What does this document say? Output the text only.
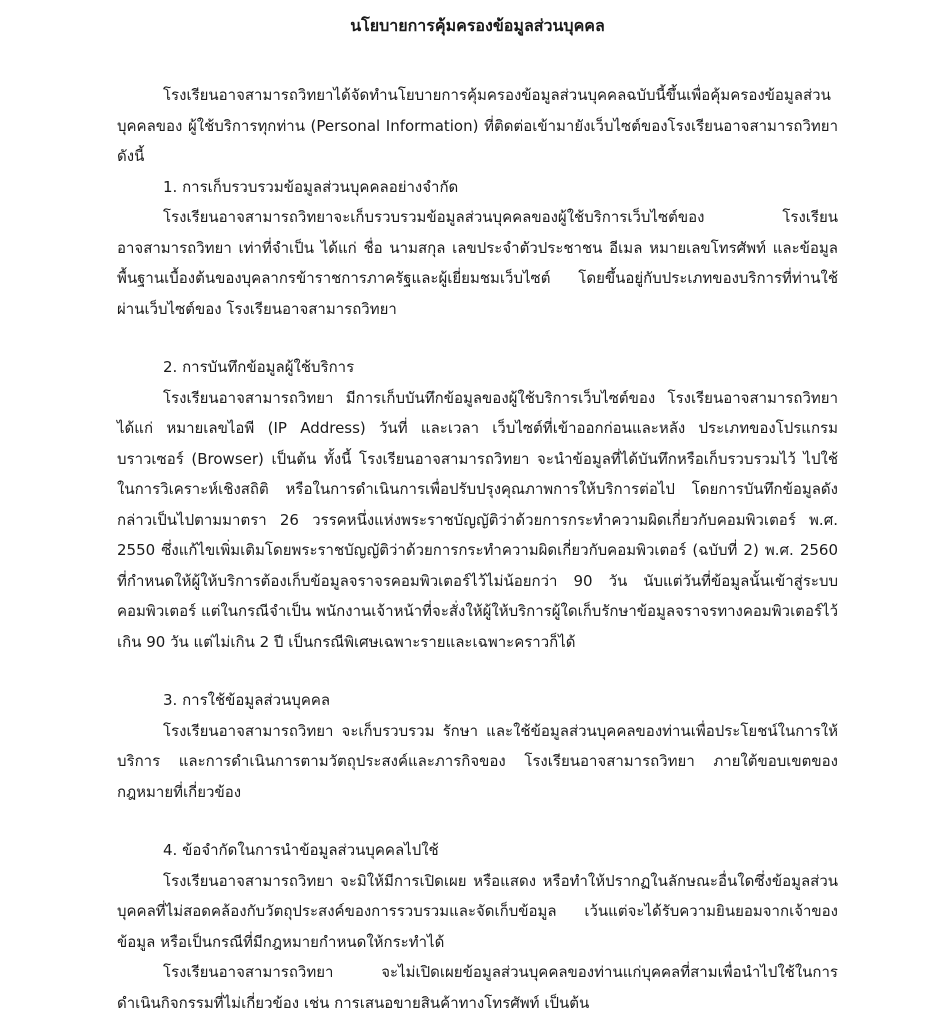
นโยบายการคุ้มครองข้อมูลส่วนบุคคล

โรงเรียนอาจสามารถวิทยาได้จัดทำนโยบายการคุ้มครองข้อมูลส่วนบุคคลฉบับนี้ขึ้นเพื่อคุ้มครองข้อมูลส่วนบุคคลของ ผู้ใช้บริการทุกท่าน (Personal Information) ที่ติดต่อเข้ามายังเว็บไซต์ของโรงเรียนอาจสามารถวิทยา ดังนี้

1. การเก็บรวบรวมข้อมูลส่วนบุคคลอย่างจำกัด

โรงเรียนอาจสามารถวิทยาจะเก็บรวบรวมข้อมูลส่วนบุคคลของผู้ใช้บริการเว็บไซต์ของ โรงเรียนอาจสามารถวิทยา เท่าที่จำเป็น ได้แก่ ชื่อ นามสกุล เลขประจำตัวประชาชน อีเมล หมายเลขโทรศัพท์ และข้อมูลพื้นฐานเบื้องต้นของบุคลากรข้าราชการภาครัฐและผู้เยี่ยมชมเว็บไซต์ โดยขึ้นอยู่กับประเภทของบริการที่ท่านใช้ผ่านเว็บไซต์ของ โรงเรียนอาจสามารถวิทยา

2. การบันทึกข้อมูลผู้ใช้บริการ

โรงเรียนอาจสามารถวิทยา มีการเก็บบันทึกข้อมูลของผู้ใช้บริการเว็บไซต์ของ โรงเรียนอาจสามารถวิทยา ได้แก่ หมายเลขไอพี (IP Address) วันที่ และเวลา เว็บไซต์ที่เข้าออกก่อนและหลัง ประเภทของโปรแกรมบราวเซอร์ (Browser) เป็นต้น ทั้งนี้ โรงเรียนอาจสามารถวิทยา จะนำข้อมูลที่ได้บันทึกหรือเก็บรวบรวมไว้ ไปใช้ในการวิเคราะห์เชิงสถิติ หรือในการดำเนินการเพื่อปรับปรุงคุณภาพการให้บริการต่อไป โดยการบันทึกข้อมูลดังกล่าวเป็นไปตามมาตรา 26 วรรคหนึ่งแห่งพระราชบัญญัติว่าด้วยการกระทำความผิดเกี่ยวกับคอมพิวเตอร์ พ.ศ. 2550 ซึ่งแก้ไขเพิ่มเติมโดยพระราชบัญญัติว่าด้วยการกระทำความผิดเกี่ยวกับคอมพิวเตอร์ (ฉบับที่ 2) พ.ศ. 2560 ที่กำหนดให้ผู้ให้บริการต้องเก็บข้อมูลจราจรคอมพิวเตอร์ไว้ไม่น้อยกว่า 90 วัน นับแต่วันที่ข้อมูลนั้นเข้าสู่ระบบคอมพิวเตอร์ แต่ในกรณีจำเป็น พนักงานเจ้าหน้าที่จะสั่งให้ผู้ให้บริการผู้ใดเก็บรักษาข้อมูลจราจรทางคอมพิวเตอร์ไว้เกิน 90 วัน แต่ไม่เกิน 2 ปี เป็นกรณีพิเศษเฉพาะรายและเฉพาะคราวก็ได้

3. การใช้ข้อมูลส่วนบุคคล

โรงเรียนอาจสามารถวิทยา จะเก็บรวบรวม รักษา และใช้ข้อมูลส่วนบุคคลของท่านเพื่อประโยชน์ในการให้บริการ และการดำเนินการตามวัตถุประสงค์และภารกิจของ โรงเรียนอาจสามารถวิทยา ภายใต้ขอบเขตของกฎหมายที่เกี่ยวข้อง

4. ข้อจำกัดในการนำข้อมูลส่วนบุคคลไปใช้

โรงเรียนอาจสามารถวิทยา จะมิให้มีการเปิดเผย หรือแสดง หรือทำให้ปรากฏในลักษณะอื่นใดซึ่งข้อมูลส่วนบุคคลที่ไม่สอดคล้องกับวัตถุประสงค์ของการรวบรวมและจัดเก็บข้อมูล เว้นแต่จะได้รับความยินยอมจากเจ้าของข้อมูล หรือเป็นกรณีที่มีกฎหมายกำหนดให้กระทำได้

โรงเรียนอาจสามารถวิทยา จะไม่เปิดเผยข้อมูลส่วนบุคคลของท่านแก่บุคคลที่สามเพื่อนำไปใช้ในการดำเนินกิจกรรมที่ไม่เกี่ยวข้อง เช่น การเสนอขายสินค้าทางโทรศัพท์ เป็นต้น
